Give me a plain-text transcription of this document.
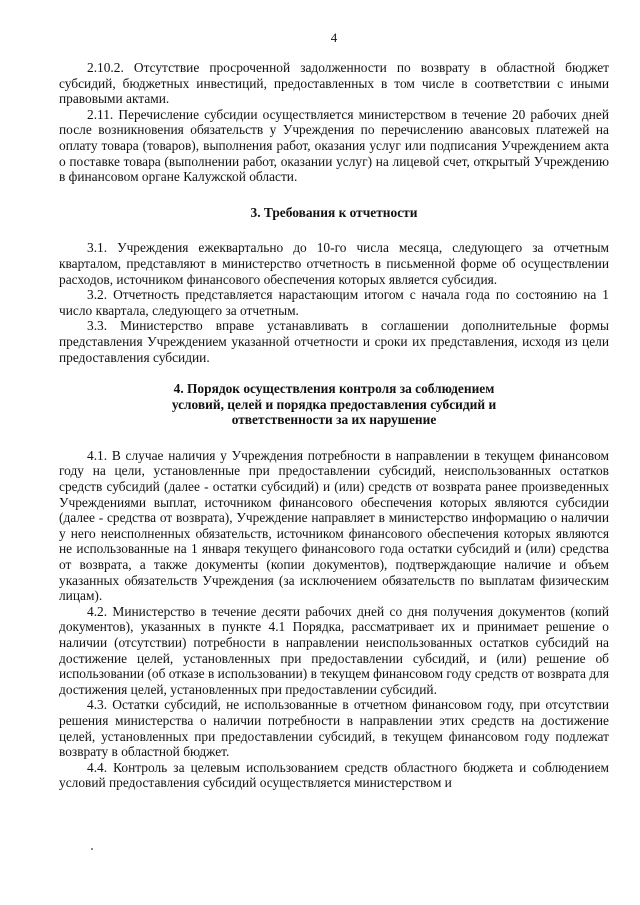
4

2.10.2. Отсутствие просроченной задолженности по возврату в областной бюджет субсидий, бюджетных инвестиций, предоставленных в том числе в соответствии с иными правовыми актами.

2.11. Перечисление субсидии осуществляется министерством в течение 20 рабочих дней после возникновения обязательств у Учреждения по перечислению авансовых платежей на оплату товара (товаров), выполнения работ, оказания услуг или подписания Учреждением акта о поставке товара (выполнении работ, оказании услуг) на лицевой счет, открытый Учреждению в финансовом органе Калужской области.

3. Требования к отчетности

3.1. Учреждения ежеквартально до 10-го числа месяца, следующего за отчетным кварталом, представляют в министерство отчетность в письменной форме об осуществлении расходов, источником финансового обеспечения которых является субсидия.

3.2. Отчетность представляется нарастающим итогом с начала года по состоянию на 1 число квартала, следующего за отчетным.

3.3. Министерство вправе устанавливать в соглашении дополнительные формы представления Учреждением указанной отчетности и сроки их представления, исходя из цели предоставления субсидии.

4. Порядок осуществления контроля за соблюдением
условий, целей и порядка предоставления субсидий и
ответственности за их нарушение

4.1. В случае наличия у Учреждения потребности в направлении в текущем финансовом году на цели, установленные при предоставлении субсидий, неиспользованных остатков средств субсидий (далее - остатки субсидий) и (или) средств от возврата ранее произведенных Учреждениями выплат, источником финансового обеспечения которых являются субсидии (далее - средства от возврата), Учреждение направляет в министерство информацию о наличии у него неисполненных обязательств, источником финансового обеспечения которых являются не использованные на 1 января текущего финансового года остатки субсидий и (или) средства от возврата, а также документы (копии документов), подтверждающие наличие и объем указанных обязательств Учреждения (за исключением обязательств по выплатам физическим лицам).

4.2. Министерство в течение десяти рабочих дней со дня получения документов (копий документов), указанных в пункте 4.1 Порядка, рассматривает их и принимает решение о наличии (отсутствии) потребности в направлении неиспользованных остатков субсидий на достижение целей, установленных при предоставлении субсидий, и (или) решение об использовании (об отказе в использовании) в текущем финансовом году средств от возврата для достижения целей, установленных при предоставлении субсидий.

4.3. Остатки субсидий, не использованные в отчетном финансовом году, при отсутствии решения министерства о наличии потребности в направлении этих средств на достижение целей, установленных при предоставлении субсидий, в текущем финансовом году подлежат возврату в областной бюджет.

4.4. Контроль за целевым использованием средств областного бюджета и соблюдением условий предоставления субсидий осуществляется министерством и
